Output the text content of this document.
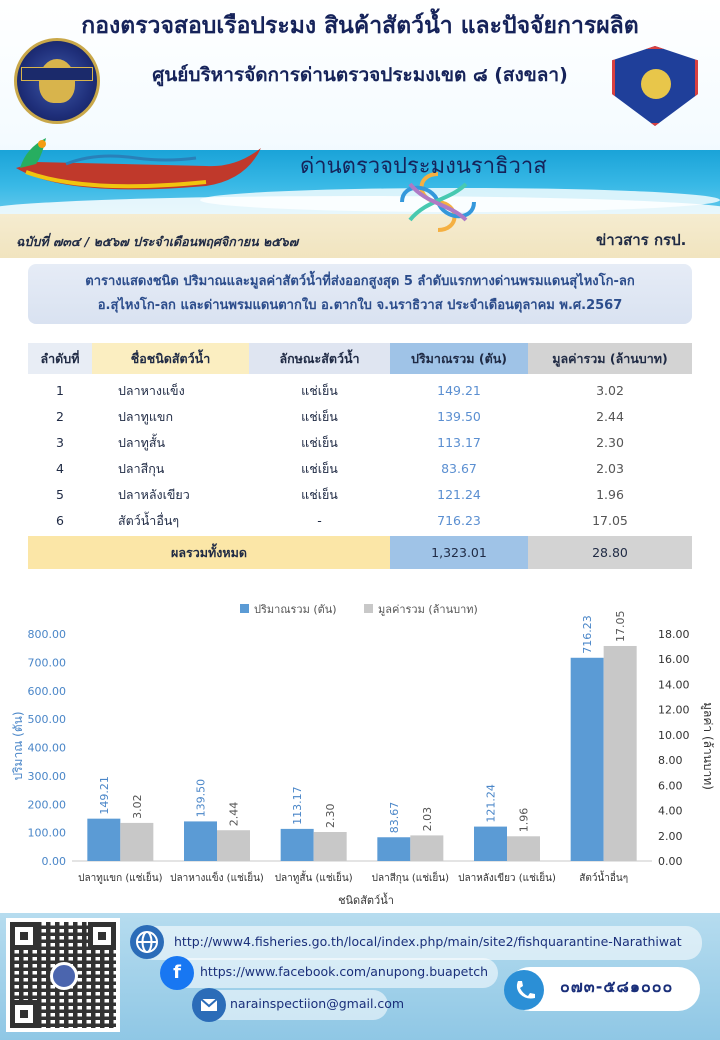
กองตรวจสอบเรือประมง สินค้าสัตว์น้ำ และปัจจัยการผลิต
ศูนย์บริหารจัดการด่านตรวจประมงเขต ๘ (สงขลา)
ด่านตรวจประมงนราธิวาส
ฉบับที่ ๗๓๔ / ๒๕๖๗ ประจำเดือนพฤศจิกายน ๒๕๖๗	ข่าวสาร กรป.
ตารางแสดงชนิด ปริมาณและมูลค่าสัตว์น้ำที่ส่งออกสูงสุด 5 ลำดับแรกทางด่านพรมแดนสุไหงโก-ลก
อ.สุไหงโก-ลก และด่านพรมแดนตากใบ อ.ตากใบ จ.นราธิวาส ประจำเดือนตุลาคม พ.ศ.2567
ลำดับที่	ชื่อชนิดสัตว์น้ำ	ลักษณะสัตว์น้ำ	ปริมาณรวม (ตัน)	มูลค่ารวม (ล้านบาท)
1	ปลาหางแข็ง	แช่เย็น	149.21	3.02
2	ปลาทูแขก	แช่เย็น	139.50	2.44
3	ปลาทูสั้น	แช่เย็น	113.17	2.30
4	ปลาสีกุน	แช่เย็น	83.67	2.03
5	ปลาหลังเขียว	แช่เย็น	121.24	1.96
6	สัตว์น้ำอื่นๆ	-	716.23	17.05
ผลรวมทั้งหมด	1,323.01	28.80
ปริมาณรวม (ตัน)	มูลค่ารวม (ล้านบาท)
0.00
100.00
200.00
300.00
400.00
500.00
600.00
700.00
800.00
0.00
2.00
4.00
6.00
8.00
10.00
12.00
14.00
16.00
18.00
ปริมาณ (ตัน)	มูลค่า (ล้านบาท)
ชนิดสัตว์น้ำ
149.21 3.02
ปลาทูแขก (แช่เย็น)
139.50 2.44
ปลาหางแข็ง (แช่เย็น)
113.17 2.30
ปลาทูสั้น (แช่เย็น)
83.67 2.03
ปลาสีกุน (แช่เย็น)
121.24 1.96
ปลาหลังเขียว (แช่เย็น)
716.23 17.05
สัตว์น้ำอื่นๆ
http://www4.fisheries.go.th/local/index.php/main/site2/fishquarantine-Narathiwat
f	https://www.facebook.com/anupong.buapetch
narainspectiion@gmail.com
๐๗๓-๕๘๑๐๐๐
